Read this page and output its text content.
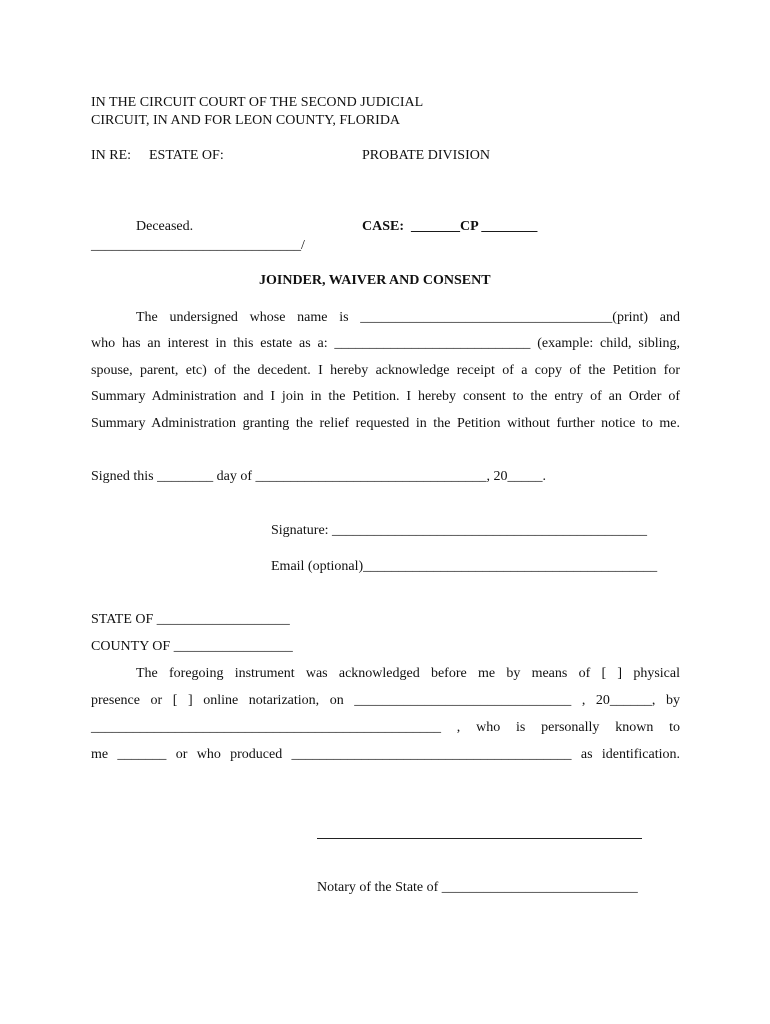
IN THE CIRCUIT COURT OF THE SECOND JUDICIAL
CIRCUIT, IN AND FOR LEON COUNTY, FLORIDA
IN RE: ESTATE OF:	PROBATE DIVISION
Deceased.	CASE: _______CP ________
______________________________/
JOINDER, WAIVER AND CONSENT
The undersigned whose name is ____________________________________(print) and
who has an interest in this estate as a: ____________________________ (example: child, sibling,
spouse, parent, etc) of the decedent. I hereby acknowledge receipt of a copy of the Petition for
Summary Administration and I join in the Petition. I hereby consent to the entry of an Order of
Summary Administration granting the relief requested in the Petition without further notice to me.
Signed this ________ day of _________________________________, 20_____.
Signature: _____________________________________________
Email (optional)__________________________________________
STATE OF ___________________
COUNTY OF _________________
The foregoing instrument was acknowledged before me by means of [ ] physical
presence or [ ] online notarization, on _______________________________ , 20______, by
__________________________________________________ , who is personally known to
me _______ or who produced ________________________________________ as identification.
Notary of the State of ____________________________
